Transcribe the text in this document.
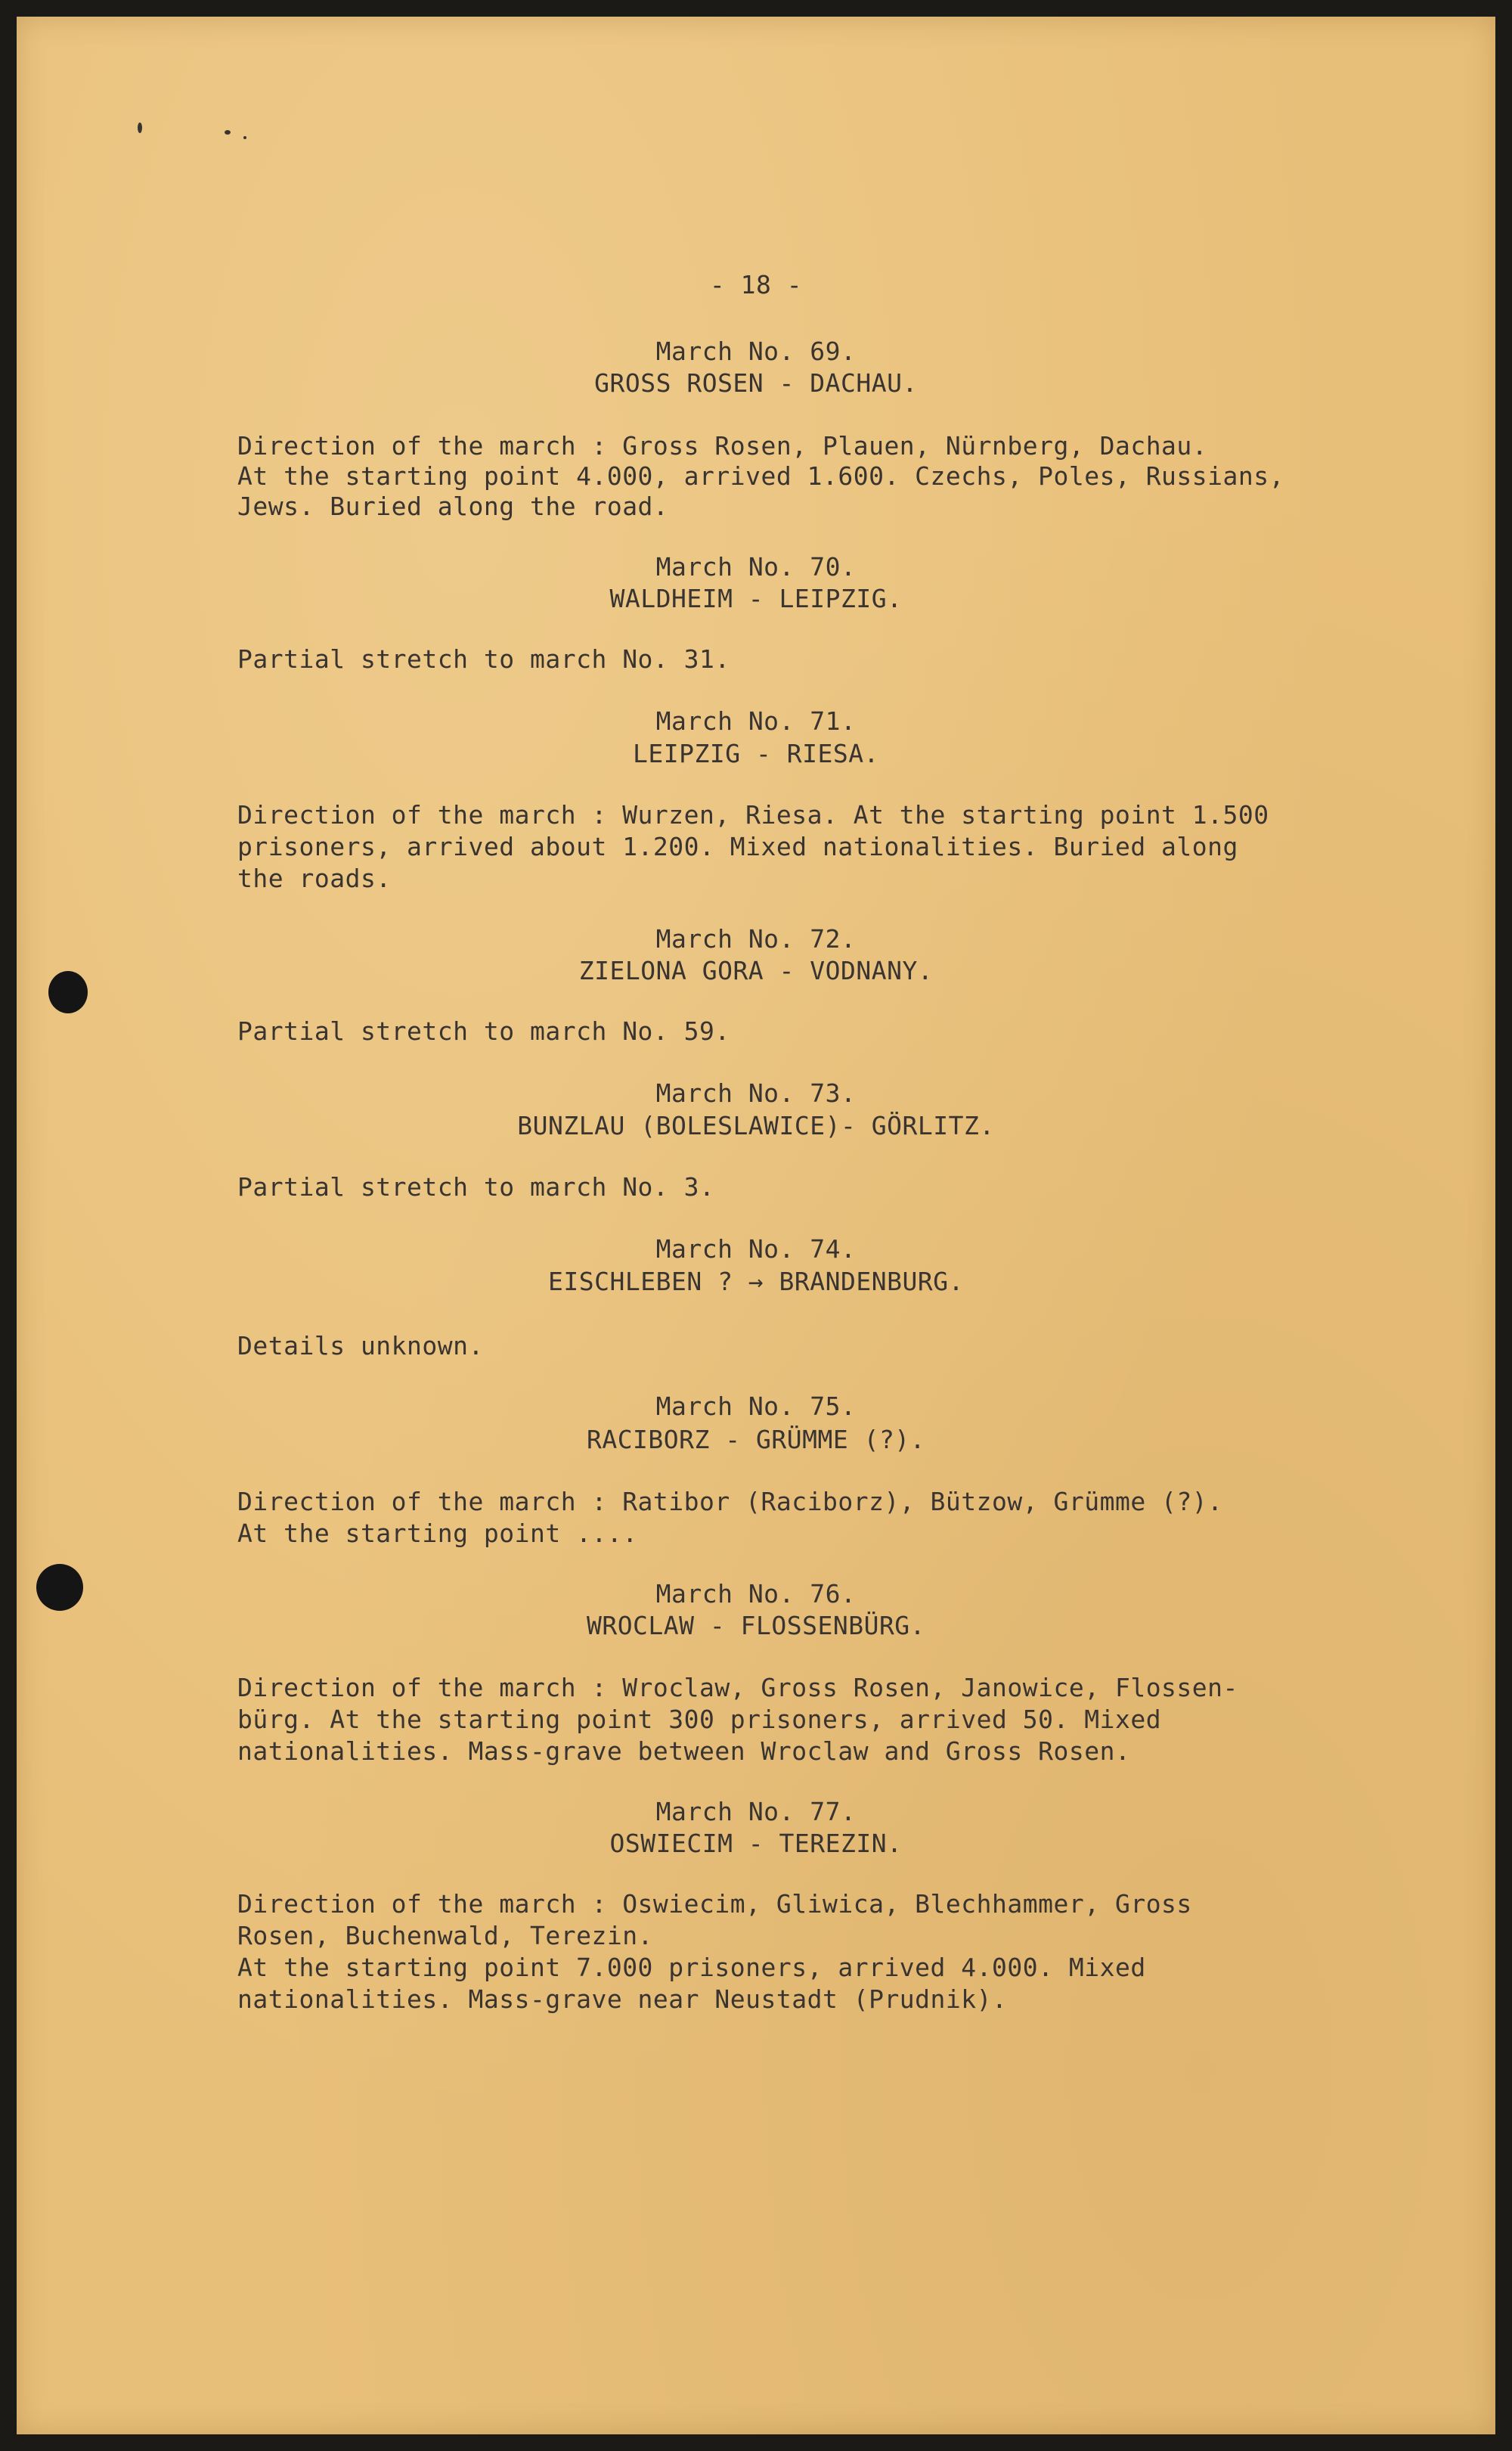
- 18 -
March No. 69.
GROSS ROSEN - DACHAU.
Direction of the march : Gross Rosen, Plauen, Nürnberg, Dachau.
At the starting point 4.000, arrived 1.600. Czechs, Poles, Russians,
Jews. Buried along the road.
March No. 70.
WALDHEIM - LEIPZIG.
Partial stretch to march No. 31.
March No. 71.
LEIPZIG - RIESA.
Direction of the march : Wurzen, Riesa. At the starting point 1.500
prisoners, arrived about 1.200. Mixed nationalities. Buried along
the roads.
March No. 72.
ZIELONA GORA - VODNANY.
Partial stretch to march No. 59.
March No. 73.
BUNZLAU (BOLESLAWICE)- GÖRLITZ.
Partial stretch to march No. 3.
March No. 74.
EISCHLEBEN ? → BRANDENBURG.
Details unknown.
March No. 75.
RACIBORZ - GRÜMME (?).
Direction of the march : Ratibor (Raciborz), Bützow, Grümme (?).
At the starting point ....
March No. 76.
WROCLAW - FLOSSENBÜRG.
Direction of the march : Wroclaw, Gross Rosen, Janowice, Flossen-
bürg. At the starting point 300 prisoners, arrived 50. Mixed
nationalities. Mass-grave between Wroclaw and Gross Rosen.
March No. 77.
OSWIECIM - TEREZIN.
Direction of the march : Oswiecim, Gliwica, Blechhammer, Gross
Rosen, Buchenwald, Terezin.
At the starting point 7.000 prisoners, arrived 4.000. Mixed
nationalities. Mass-grave near Neustadt (Prudnik).
